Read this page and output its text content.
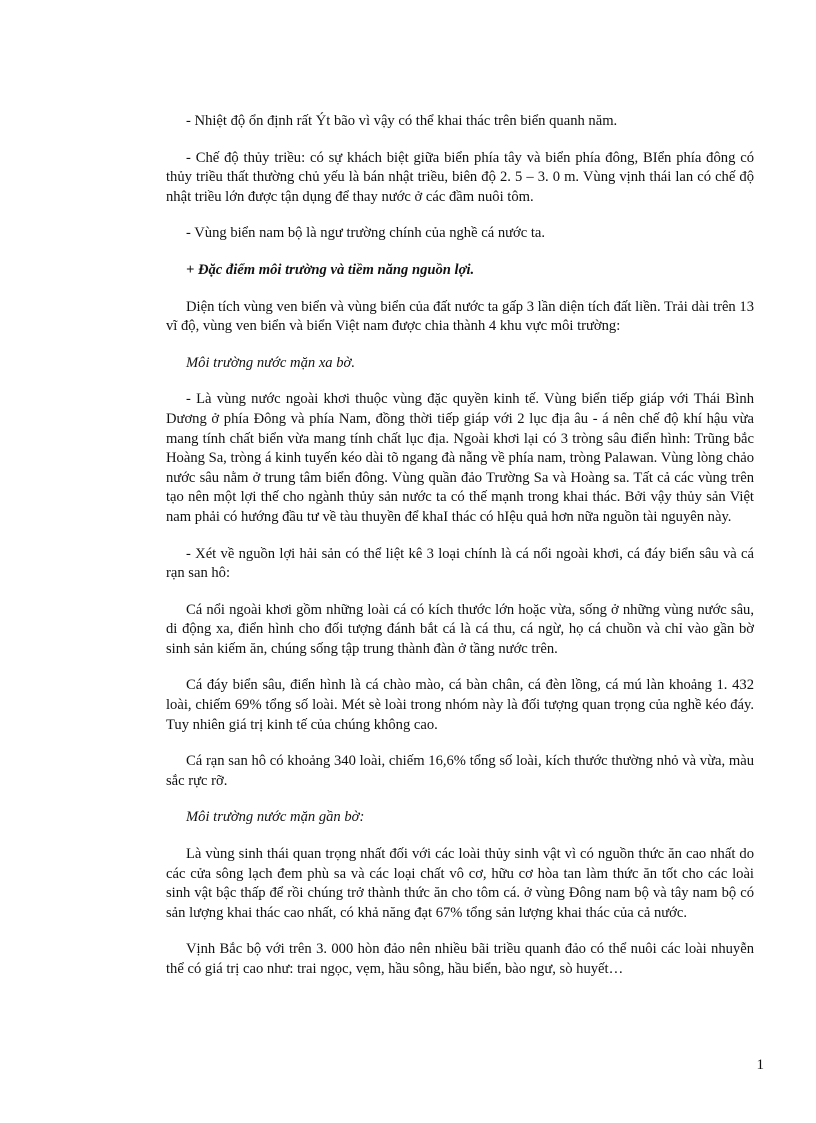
- Nhiệt độ ổn định rất Ýt bão vì vậy có thể khai thác trên biển quanh năm.

- Chế độ thủy triều: có sự khách biệt giữa biển phía tây và biển phía đông, BIển phía đông có thủy triều thất thường chủ yếu là bán nhật triều, biên độ 2. 5 – 3. 0 m. Vùng vịnh thái lan có chế độ nhật triều lớn được tận dụng để thay nước ở các đầm nuôi tôm.

- Vùng biển nam bộ là ngư trường chính của nghề cá nước ta.

+ Đặc điểm môi trường và tiềm năng nguồn lợi.

Diện tích vùng ven biển và vùng biển của đất nước ta gấp 3 lần diện tích đất liền. Trải dài trên 13 vĩ độ, vùng ven biển và biển Việt nam được chia thành 4 khu vực môi trường:

Môi trường nước mặn xa bờ.

- Là vùng nước ngoài khơi thuộc vùng đặc quyền kinh tế. Vùng biển tiếp giáp với Thái Bình Dương ở phía Đông và phía Nam, đồng thời tiếp giáp với 2 lục địa âu - á nên chế độ khí hậu vừa mang tính chất biển vừa mang tính chất lục địa. Ngoài khơi lại có 3 tròng sâu điển hình: Trũng bắc Hoàng Sa, tròng á kinh tuyến kéo dài tõ ngang đà nẵng về phía nam, tròng Palawan. Vùng lòng chảo nước sâu nằm ở trung tâm biển đông. Vùng quần đảo Trường Sa và Hoàng sa. Tất cả các vùng trên tạo nên một lợi thế cho ngành thủy sản nước ta có thế mạnh trong khai thác. Bởi vậy thủy sản Việt nam phải có hướng đầu tư về tàu thuyền để khaI thác có hIệu quả hơn nữa nguồn tài nguyên này.

- Xét về nguồn lợi hải sản có thể liệt kê 3 loại chính là cá nổi ngoài khơi, cá đáy biển sâu và cá rạn san hô:

Cá nổi ngoài khơi gồm những loài cá có kích thước lớn hoặc vừa, sống ở những vùng nước sâu, di động xa, điển hình cho đối tượng đánh bắt cá là cá thu, cá ngừ, họ cá chuồn và chỉ vào gần bờ sinh sản kiếm ăn, chúng sống tập trung thành đàn ở tầng nước trên.

Cá đáy biển sâu, điển hình là cá chào mào, cá bàn chân, cá đèn lồng, cá mú làn khoảng 1. 432 loài, chiếm 69% tổng số loài. Mét sè loài trong nhóm này là đối tượng quan trọng của nghề kéo đáy. Tuy nhiên giá trị kinh tế của chúng không cao.

Cá rạn san hô có khoảng 340 loài, chiếm 16,6% tổng số loài, kích thước thường nhỏ và vừa, màu sắc rực rỡ.

Môi trường nước mặn gần bờ:

Là vùng sinh thái quan trọng nhất đối với các loài thủy sinh vật vì có nguồn thức ăn cao nhất do các cửa sông lạch đem phù sa và các loại chất vô cơ, hữu cơ hòa tan làm thức ăn tốt cho các loài sinh vật bậc thấp để rồi chúng trở thành thức ăn cho tôm cá. ở vùng Đông nam bộ và tây nam bộ có sản lượng khai thác cao nhất, có khả năng đạt 67% tổng sản lượng khai thác của cả nước.

Vịnh Bắc bộ với trên 3. 000 hòn đảo nên nhiều bãi triều quanh đảo có thể nuôi các loài nhuyễn thể có giá trị cao như: trai ngọc, vẹm, hầu sông, hầu biển, bào ngư, sò huyết…

1
